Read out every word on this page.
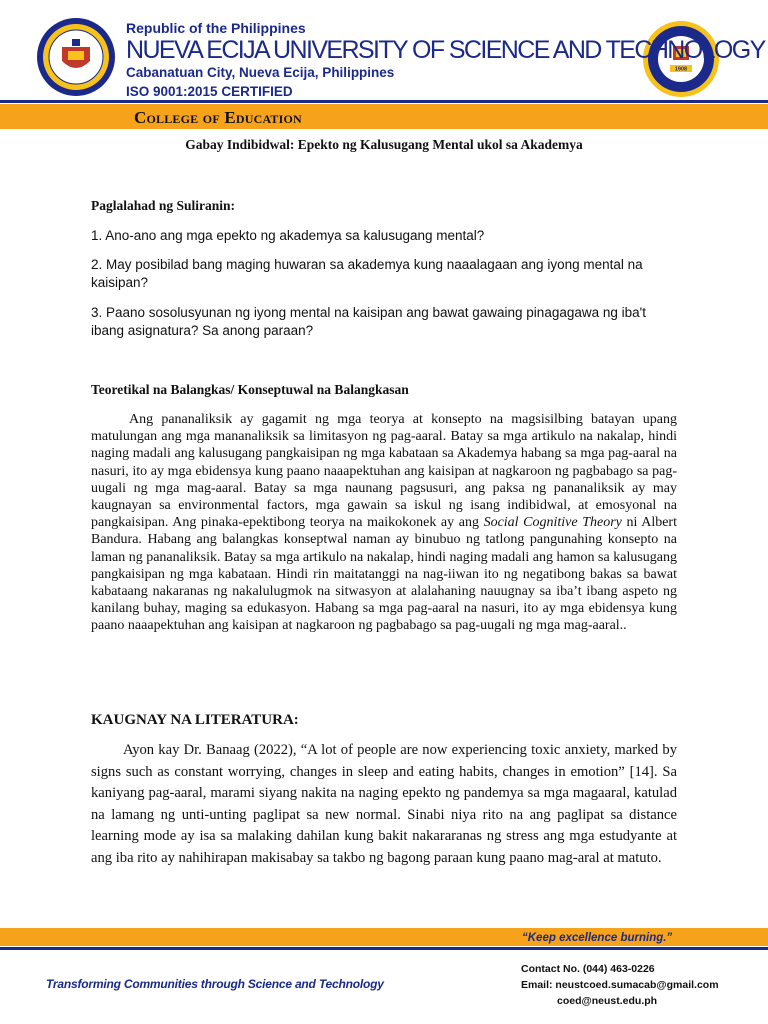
1908
Republic of the Philippines
NUEVA ECIJA UNIVERSITY OF SCIENCE AND TECHNOLOGY
Cabanatuan City, Nueva Ecija, Philippines
ISO 9001:2015 CERTIFIED
College of Education
Gabay Indibidwal: Epekto ng Kalusugang Mental ukol sa Akademya
Paglalahad ng Suliranin:
1. Ano-ano ang mga epekto ng akademya sa kalusugang mental?
2. May posibilad bang maging huwaran sa akademya kung naaalagaan ang iyong mental na kaisipan?
3. Paano sosolusyunan ng iyong mental na kaisipan ang bawat gawaing pinagagawa ng iba't ibang asignatura? Sa anong paraan?
Teoretikal na Balangkas/ Konseptuwal na Balangkasan
Ang pananaliksik ay gagamit ng mga teorya at konsepto na magsisilbing batayan upang matulungan ang mga mananaliksik sa limitasyon ng pag-aaral. Batay sa mga artikulo na nakalap, hindi naging madali ang kalusugang pangkaisipan ng mga kabataan sa Akademya habang sa mga pag-aaral na nasuri, ito ay mga ebidensya kung paano naaapektuhan ang kaisipan at nagkaroon ng pagbabago sa pag-uugali ng mga mag-aaral. Batay sa mga naunang pagsusuri, ang paksa ng pananaliksik ay may kaugnayan sa environmental factors, mga gawain sa iskul ng isang indibidwal, at emosyonal na pangkaisipan. Ang pinaka-epektibong teorya na maikokonek ay ang Social Cognitive Theory ni Albert Bandura. Habang ang balangkas konseptwal naman ay binubuo ng tatlong pangunahing konsepto na laman ng pananaliksik. Batay sa mga artikulo na nakalap, hindi naging madali ang hamon sa kalusugang pangkaisipan ng mga kabataan. Hindi rin maitatanggi na nag-iiwan ito ng negatibong bakas sa bawat kabataang nakaranas ng nakalulugmok na sitwasyon at alalahaning nauugnay sa iba’t ibang aspeto ng kanilang buhay, maging sa edukasyon. Habang sa mga pag-aaral na nasuri, ito ay mga ebidensya kung paano naaapektuhan ang kaisipan at nagkaroon ng pagbabago sa pag-uugali ng mga mag-aaral..
KAUGNAY NA LITERATURA:
Ayon kay Dr. Banaag (2022), “A lot of people are now experiencing toxic anxiety, marked by signs such as constant worrying, changes in sleep and eating habits, changes in emotion” [14]. Sa kaniyang pag-aaral, marami siyang nakita na naging epekto ng pandemya sa mga magaaral, katulad na lamang ng unti-unting paglipat sa new normal. Sinabi niya rito na ang paglipat sa distance learning mode ay isa sa malaking dahilan kung bakit nakararanas ng stress ang mga estudyante at ang iba rito ay nahihirapan makisabay sa takbo ng bagong paraan kung paano mag-aral at matuto.
“Keep excellence burning.”
Transforming Communities through Science and Technology
Contact No. (044) 463-0226
Email: neustcoed.sumacab@gmail.com
coed@neust.edu.ph
